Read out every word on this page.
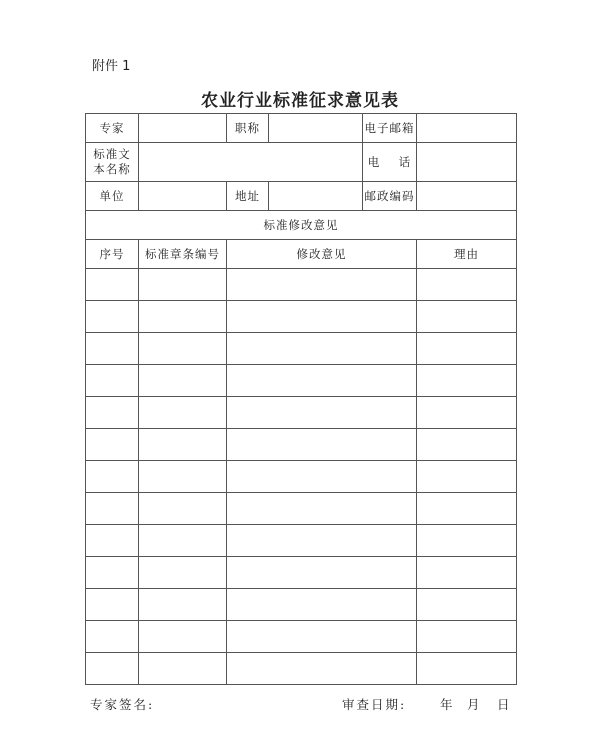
附件 1
农业行业标准征求意见表
专家		职称		电子邮箱	

标准文
本名称				电    话	
单位		地址		邮政编码	
标准修改意见					
序号	标准章条编号	修改意见			理由

专家签名:	审查日期:	年 月 日
